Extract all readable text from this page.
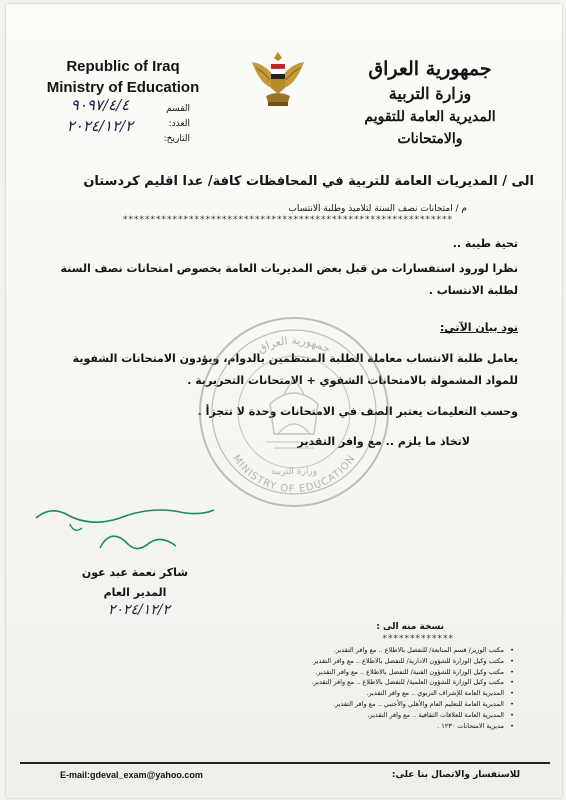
Republic of Iraq
Ministry of Education
جمهورية العراق
وزارة التربية
المديرية العامة للتقويم والامتحانات
القسم
العدد:
التاريخ:
٩٠٩٧/٤/٤
٢٠٢٤/١٢/٢
الى / المديريات العامة للتربية في المحافظات كافة/ عدا اقليم كردستان
م / امتحانات نصف السنة لتلاميذ وطلبة الانتساب
************************************************************
تحية طيبة ..
نظرا لورود استفسارات من قبل بعض المديريات العامة بخصوص امتحانات نصف السنة لطلبة الانتساب .
نود بيان الآتي:
يعامل طلبة الانتساب معاملة الطلبة المنتظمين بالدوام، ويؤدون الامتحانات الشفوية للمواد المشمولة بالامتحانات الشفوي + الامتحانات التحريرية .
وحسب التعليمات يعتبر الصف في الامتحانات وحدة لا تتجزأ .
لاتخاذ ما يلزم .. مع وافر التقدير
جمهورية العراق
MINISTRY OF EDUCATION
وزارة التربية
شاكر نعمة عبد عون
المدير العام
٢٠٢٤/١٢/٢
نسخة منه الى :
*************
مكتب الوزير/ قسم المتابعة/ للتفضل بالاطلاع .. مع وافر التقدير. •
مكتب وكيل الوزارة للشؤون الادارية/ للتفضل بالاطلاع .. مع وافر التقدير. •
مكتب وكيل الوزارة للشؤون الفنية/ للتفضل بالاطلاع .. مع وافر التقدير. •
مكتب وكيل الوزارة للشؤون العلمية/ للتفضل بالاطلاع .. مع وافر التقدير. •
المديرية العامة للإشراف التربوي .. مع وافر التقدير. •
المديرية العامة للتعليم العام والأهلي والأجنبي .. مع وافر التقدير. •
المديرية العامة للعلاقات الثقافية .. مع وافر التقدير. •
مديرية الامتحانات ١٢٣٠ . •
E-mail:gdeval_exam@yahoo.com	للاستفسار والاتصال بنا على:
